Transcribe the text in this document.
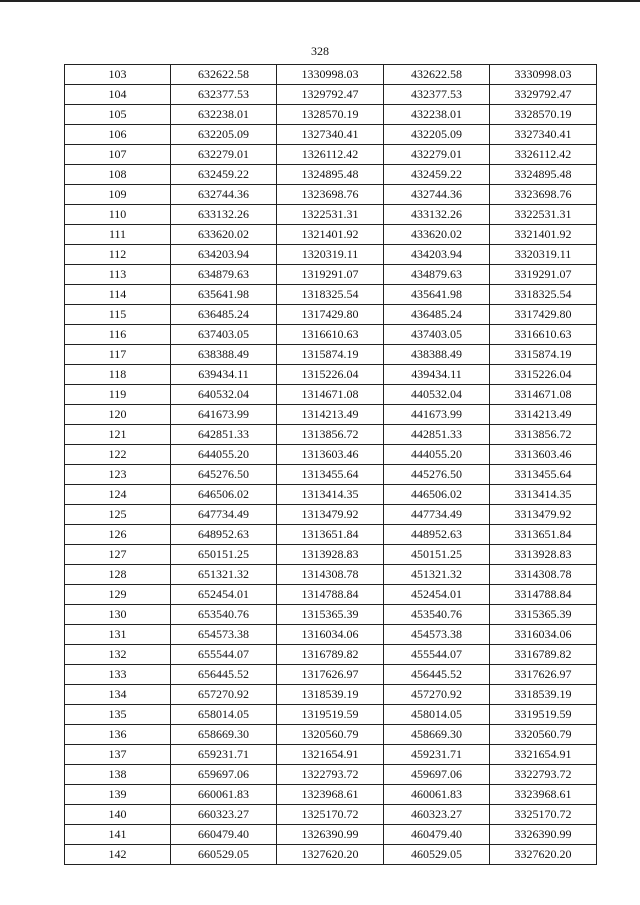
328
103	632622.58	1330998.03	432622.58	3330998.03
104	632377.53	1329792.47	432377.53	3329792.47
105	632238.01	1328570.19	432238.01	3328570.19
106	632205.09	1327340.41	432205.09	3327340.41
107	632279.01	1326112.42	432279.01	3326112.42
108	632459.22	1324895.48	432459.22	3324895.48
109	632744.36	1323698.76	432744.36	3323698.76
110	633132.26	1322531.31	433132.26	3322531.31
111	633620.02	1321401.92	433620.02	3321401.92
112	634203.94	1320319.11	434203.94	3320319.11
113	634879.63	1319291.07	434879.63	3319291.07
114	635641.98	1318325.54	435641.98	3318325.54
115	636485.24	1317429.80	436485.24	3317429.80
116	637403.05	1316610.63	437403.05	3316610.63
117	638388.49	1315874.19	438388.49	3315874.19
118	639434.11	1315226.04	439434.11	3315226.04
119	640532.04	1314671.08	440532.04	3314671.08
120	641673.99	1314213.49	441673.99	3314213.49
121	642851.33	1313856.72	442851.33	3313856.72
122	644055.20	1313603.46	444055.20	3313603.46
123	645276.50	1313455.64	445276.50	3313455.64
124	646506.02	1313414.35	446506.02	3313414.35
125	647734.49	1313479.92	447734.49	3313479.92
126	648952.63	1313651.84	448952.63	3313651.84
127	650151.25	1313928.83	450151.25	3313928.83
128	651321.32	1314308.78	451321.32	3314308.78
129	652454.01	1314788.84	452454.01	3314788.84
130	653540.76	1315365.39	453540.76	3315365.39
131	654573.38	1316034.06	454573.38	3316034.06
132	655544.07	1316789.82	455544.07	3316789.82
133	656445.52	1317626.97	456445.52	3317626.97
134	657270.92	1318539.19	457270.92	3318539.19
135	658014.05	1319519.59	458014.05	3319519.59
136	658669.30	1320560.79	458669.30	3320560.79
137	659231.71	1321654.91	459231.71	3321654.91
138	659697.06	1322793.72	459697.06	3322793.72
139	660061.83	1323968.61	460061.83	3323968.61
140	660323.27	1325170.72	460323.27	3325170.72
141	660479.40	1326390.99	460479.40	3326390.99
142	660529.05	1327620.20	460529.05	3327620.20
